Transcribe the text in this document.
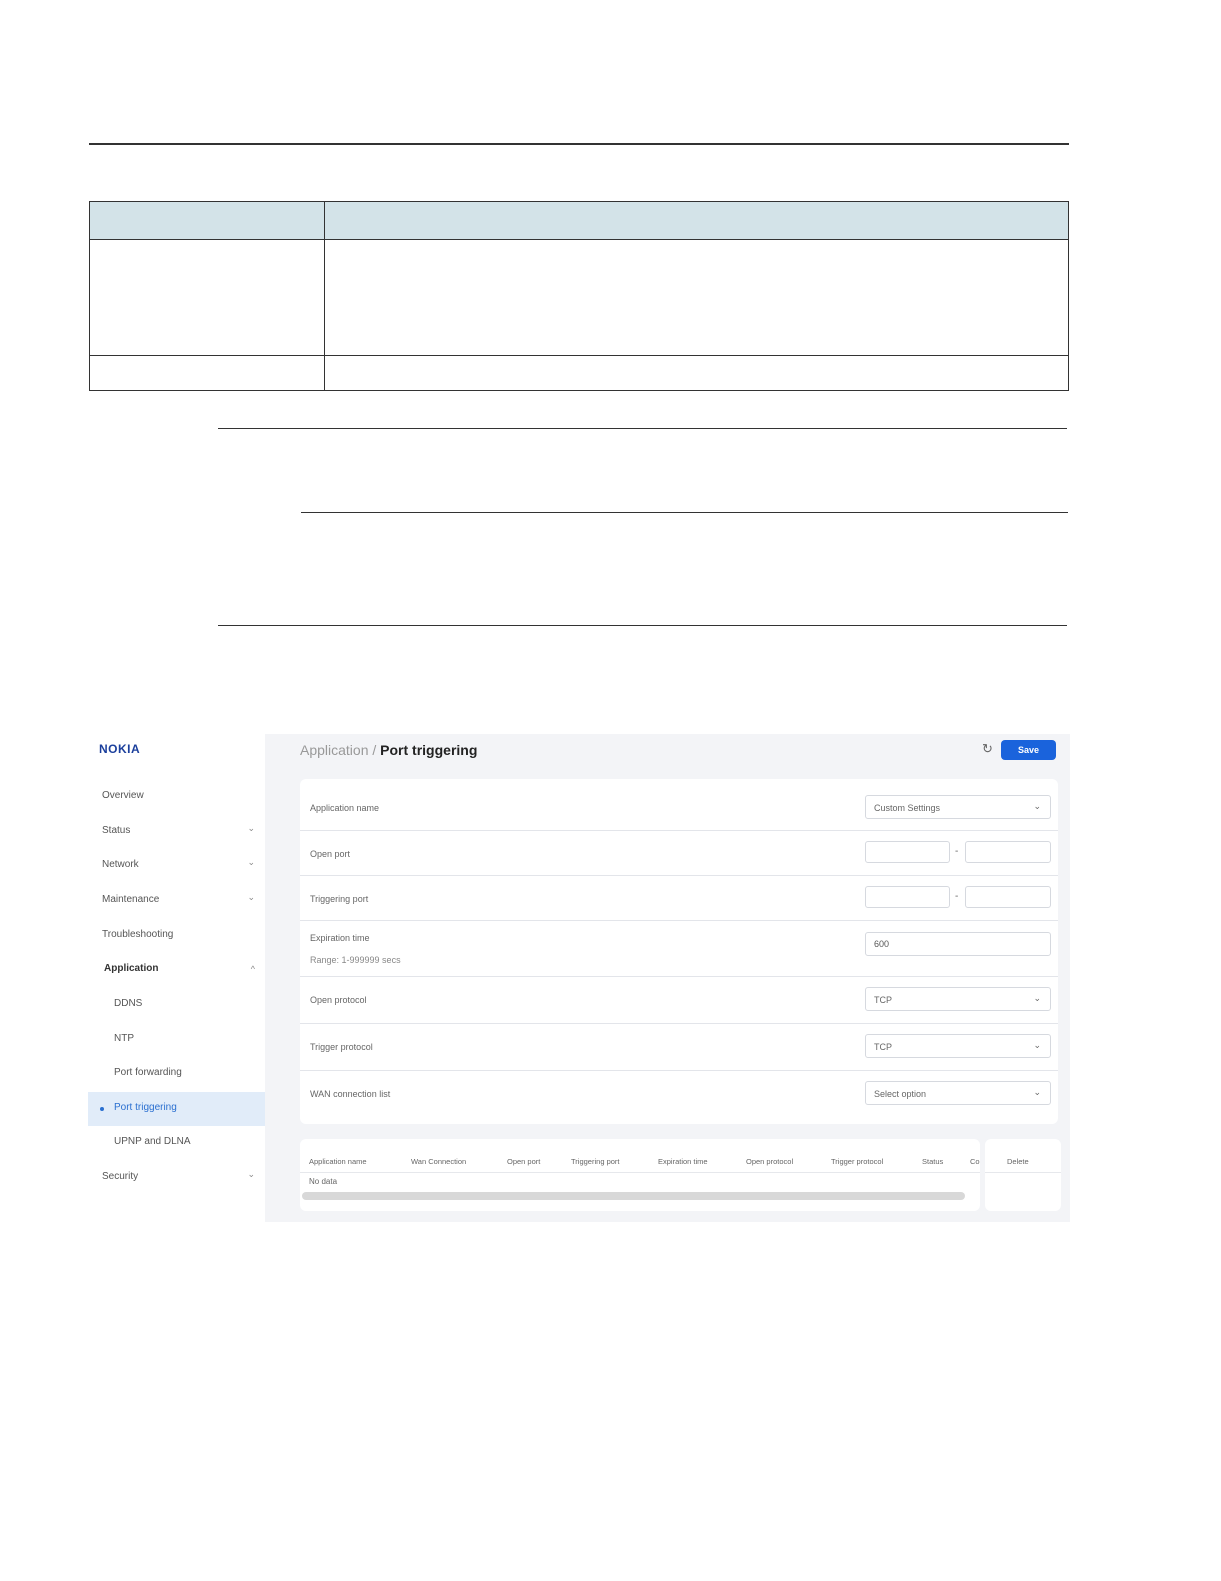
NOKIA
Overview
Status	⌄
Network	⌄
Maintenance	⌄
Troubleshooting
Application	^
DDNS
NTP
Port forwarding
Port triggering
UPNP and DLNA
Security	⌄
Application / Port triggering	↻	Save
Application name	Custom Settings	⌄
Open port	-
Triggering port	-
Expiration time
Range: 1-999999 secs
600
Open protocol	TCP	⌄
Trigger protocol	TCP	⌄
WAN connection list	Select option	⌄
Application name	Wan Connection	Open port	Triggering port	Expiration time	Open protocol	Trigger protocol	Status	Co
No data
Delete
